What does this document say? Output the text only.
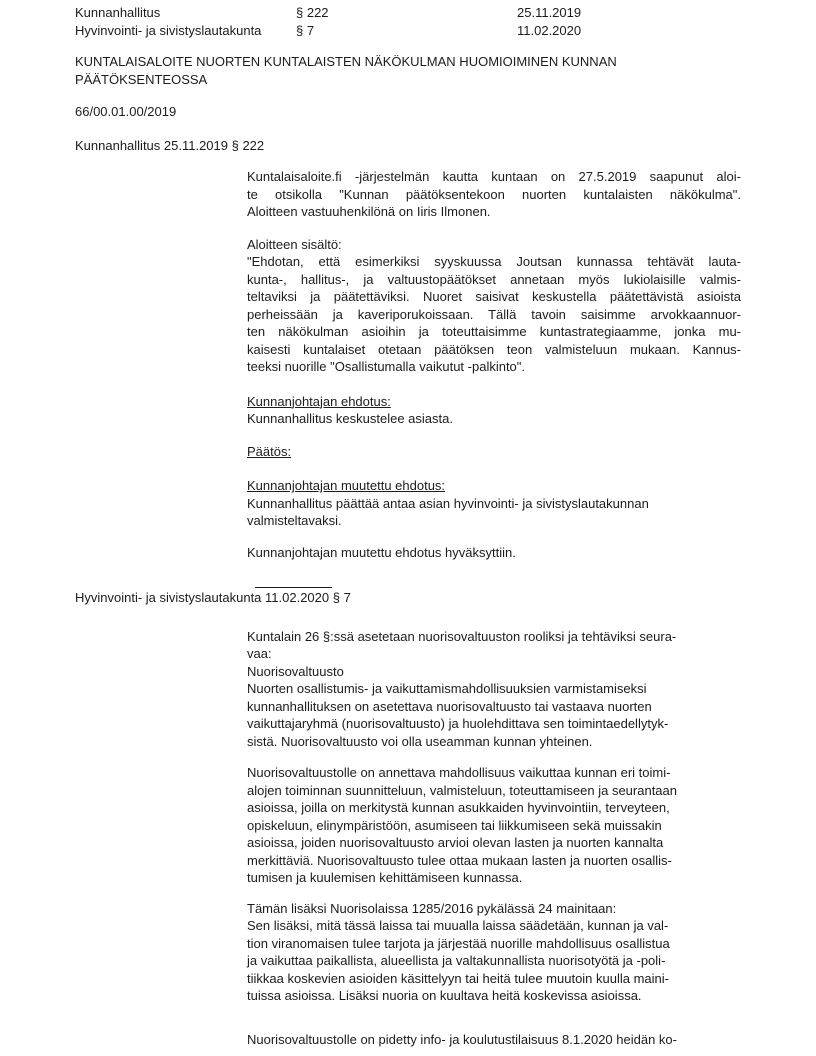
Kunnanhallitus	§ 222	25.11.2019
Hyvinvointi- ja sivistyslautakunta	§ 7	11.02.2020
KUNTALAISALOITE NUORTEN KUNTALAISTEN NÄKÖKULMAN HUOMIOIMINEN KUNNAN
PÄÄTÖKSENTEOSSA
66/00.01.00/2019
Kunnanhallitus 25.11.2019 § 222
Kuntalaisaloite.fi -järjestelmän kautta kuntaan on 27.5.2019 saapunut aloi-
te otsikolla "Kunnan päätöksentekoon nuorten kuntalaisten näkökulma".
Aloitteen vastuuhenkilönä on Iiris Ilmonen.
Aloitteen sisältö:
"Ehdotan, että esimerkiksi syyskuussa Joutsan kunnassa tehtävät lauta-
kunta-, hallitus-, ja valtuustopäätökset annetaan myös lukiolaisille valmis-
teltaviksi ja päätettäviksi. Nuoret saisivat keskustella päätettävistä asioista
perheissään ja kaveriporukoissaan. Tällä tavoin saisimme arvokkaannuor-
ten näkökulman asioihin ja toteuttaisimme kuntastrategiaamme, jonka mu-
kaisesti kuntalaiset otetaan päätöksen teon valmisteluun mukaan. Kannus-
teeksi nuorille "Osallistumalla vaikutut -palkinto".
Kunnanjohtajan ehdotus:
Kunnanhallitus keskustelee asiasta.
Päätös:
Kunnanjohtajan muutettu ehdotus:
Kunnanhallitus päättää antaa asian hyvinvointi- ja sivistyslautakunnan
valmisteltavaksi.
Kunnanjohtajan muutettu ehdotus hyväksyttiin.
Hyvinvointi- ja sivistyslautakunta 11.02.2020 § 7
Kuntalain 26 §:ssä asetetaan nuorisovaltuuston rooliksi ja tehtäviksi seura-
vaa:
Nuorisovaltuusto
Nuorten osallistumis- ja vaikuttamismahdollisuuksien varmistamiseksi
kunnanhallituksen on asetettava nuorisovaltuusto tai vastaava nuorten
vaikuttajaryhmä (nuorisovaltuusto) ja huolehdittava sen toimintaedellytyk-
sistä. Nuorisovaltuusto voi olla useamman kunnan yhteinen.
Nuorisovaltuustolle on annettava mahdollisuus vaikuttaa kunnan eri toimi-
alojen toiminnan suunnitteluun, valmisteluun, toteuttamiseen ja seurantaan
asioissa, joilla on merkitystä kunnan asukkaiden hyvinvointiin, terveyteen,
opiskeluun, elinympäristöön, asumiseen tai liikkumiseen sekä muissakin
asioissa, joiden nuorisovaltuusto arvioi olevan lasten ja nuorten kannalta
merkittäviä. Nuorisovaltuusto tulee ottaa mukaan lasten ja nuorten osallis-
tumisen ja kuulemisen kehittämiseen kunnassa.
Tämän lisäksi Nuorisolaissa 1285/2016 pykälässä 24 mainitaan:
Sen lisäksi, mitä tässä laissa tai muualla laissa säädetään, kunnan ja val-
tion viranomaisen tulee tarjota ja järjestää nuorille mahdollisuus osallistua
ja vaikuttaa paikallista, alueellista ja valtakunnallista nuorisotyötä ja -poli-
tiikkaa koskevien asioiden käsittelyyn tai heitä tulee muutoin kuulla maini-
tuissa asioissa. Lisäksi nuoria on kuultava heitä koskevissa asioissa.
Nuorisovaltuustolle on pidetty info- ja koulutustilaisuus 8.1.2020 heidän ko-
